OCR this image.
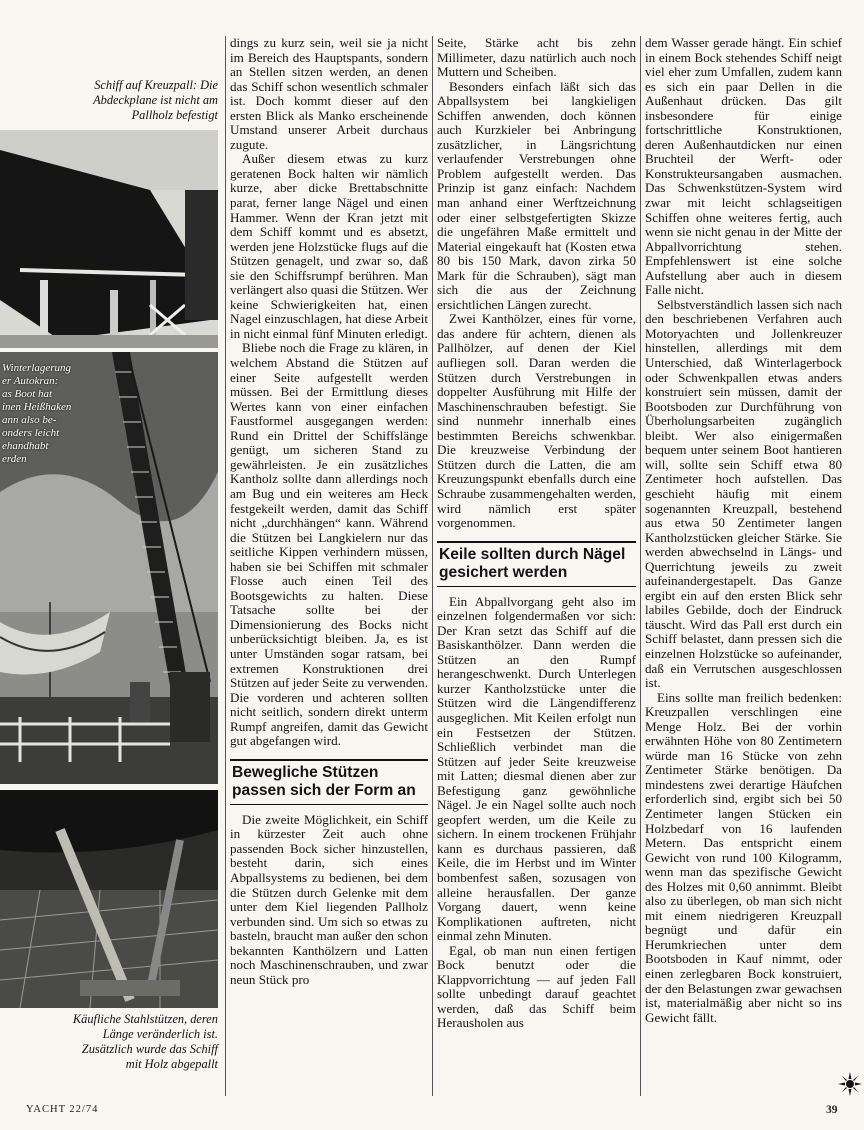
Schiff auf Kreuzpall: Die

Abdeckplane ist nicht am

Pallholz befestigt

Winterlagerung

er Autokran:

as Boot hat

inen Heißhaken

ann also be-

onders leicht

ehandhabt

erden

Käufliche Stahlstützen, deren

Länge veränderlich ist.

Zusätzlich wurde das Schiff

mit Holz abgepallt

dings zu kurz sein, weil sie ja nicht im Bereich des Hauptspants, sondern an Stellen sitzen werden, an denen das Schiff schon wesentlich schmaler ist. Doch kommt dieser auf den ersten Blick als Manko erscheinende Umstand unserer Arbeit durchaus zugute.

Außer diesem etwas zu kurz geratenen Bock halten wir nämlich kurze, aber dicke Brettabschnitte parat, ferner lange Nägel und einen Hammer. Wenn der Kran jetzt mit dem Schiff kommt und es absetzt, werden jene Holzstücke flugs auf die Stützen genagelt, und zwar so, daß sie den Schiffsrumpf berühren. Man verlängert also quasi die Stützen. Wer keine Schwierigkeiten hat, einen Nagel einzuschlagen, hat diese Arbeit in nicht einmal fünf Minuten erledigt.

Bliebe noch die Frage zu klären, in welchem Abstand die Stützen auf einer Seite aufgestellt werden müssen. Bei der Ermittlung dieses Wertes kann von einer einfachen Faustformel ausgegangen werden: Rund ein Drittel der Schiffslänge genügt, um sicheren Stand zu gewährleisten. Je ein zusätzliches Kantholz sollte dann allerdings noch am Bug und ein weiteres am Heck festgekeilt werden, damit das Schiff nicht „durchhängen“ kann. Während die Stützen bei Langkielern nur das seitliche Kippen verhindern müssen, haben sie bei Schiffen mit schmaler Flosse auch einen Teil des Bootsgewichts zu halten. Diese Tatsache sollte bei der Dimensionierung des Bocks nicht unberücksichtigt bleiben. Ja, es ist unter Umständen sogar ratsam, bei extremen Konstruktionen drei Stützen auf jeder Seite zu verwenden. Die vorderen und achteren sollten nicht seitlich, sondern direkt unterm Rumpf angreifen, damit das Gewicht gut abgefangen wird.

Bewegliche Stützen passen sich der Form an

Die zweite Möglichkeit, ein Schiff in kürzester Zeit auch ohne passenden Bock sicher hinzustellen, besteht darin, sich eines Abpallsystems zu bedienen, bei dem die Stützen durch Gelenke mit dem unter dem Kiel liegenden Pallholz verbunden sind. Um sich so etwas zu basteln, braucht man außer den schon bekannten Kanthölzern und Latten noch Maschinenschrauben, und zwar neun Stück pro

Seite, Stärke acht bis zehn Millimeter, dazu natürlich auch noch Muttern und Scheiben.

Besonders einfach läßt sich das Abpallsystem bei langkieligen Schiffen anwenden, doch können auch Kurzkieler bei Anbringung zusätzlicher, in Längsrichtung verlaufender Verstrebungen ohne Problem aufgestellt werden. Das Prinzip ist ganz einfach: Nachdem man anhand einer Werftzeichnung oder einer selbstgefertigten Skizze die ungefähren Maße ermittelt und Material eingekauft hat (Kosten etwa 80 bis 150 Mark, davon zirka 50 Mark für die Schrauben), sägt man sich die aus der Zeichnung ersichtlichen Längen zurecht.

Zwei Kanthölzer, eines für vorne, das andere für achtern, dienen als Pallhölzer, auf denen der Kiel aufliegen soll. Daran werden die Stützen durch Verstrebungen in doppelter Ausführung mit Hilfe der Maschinenschrauben befestigt. Sie sind nunmehr innerhalb eines bestimmten Bereichs schwenkbar. Die kreuzweise Verbindung der Stützen durch die Latten, die am Kreuzungspunkt ebenfalls durch eine Schraube zusammengehalten werden, wird nämlich erst später vorgenommen.

Keile sollten durch Nägel gesichert werden

Ein Abpallvorgang geht also im einzelnen folgendermaßen vor sich: Der Kran setzt das Schiff auf die Basiskanthölzer. Dann werden die Stützen an den Rumpf herangeschwenkt. Durch Unterlegen kurzer Kantholzstücke unter die Stützen wird die Längendifferenz ausgeglichen. Mit Keilen erfolgt nun ein Festsetzen der Stützen. Schließlich verbindet man die Stützen auf jeder Seite kreuzweise mit Latten; diesmal dienen aber zur Befestigung ganz gewöhnliche Nägel. Je ein Nagel sollte auch noch geopfert werden, um die Keile zu sichern. In einem trockenen Frühjahr kann es durchaus passieren, daß Keile, die im Herbst und im Winter bombenfest saßen, sozusagen von alleine herausfallen. Der ganze Vorgang dauert, wenn keine Komplikationen auftreten, nicht einmal zehn Minuten.

Egal, ob man nun einen fertigen Bock benutzt oder die Klappvorrichtung — auf jeden Fall sollte unbedingt darauf geachtet werden, daß das Schiff beim Herausholen aus

dem Wasser gerade hängt. Ein schief in einem Bock stehendes Schiff neigt viel eher zum Umfallen, zudem kann es sich ein paar Dellen in die Außenhaut drücken. Das gilt insbesondere für einige fortschrittliche Konstruktionen, deren Außenhautdicken nur einen Bruchteil der Werft- oder Konstrukteursangaben ausmachen. Das Schwenkstützen-System wird zwar mit leicht schlagseitigen Schiffen ohne weiteres fertig, auch wenn sie nicht genau in der Mitte der Abpallvorrichtung stehen. Empfehlenswert ist eine solche Aufstellung aber auch in diesem Falle nicht.

Selbstverständlich lassen sich nach den beschriebenen Verfahren auch Motoryachten und Jollenkreuzer hinstellen, allerdings mit dem Unterschied, daß Winterlagerbock oder Schwenkpallen etwas anders konstruiert sein müssen, damit der Bootsboden zur Durchführung von Überholungsarbeiten zugänglich bleibt. Wer also einigermaßen bequem unter seinem Boot hantieren will, sollte sein Schiff etwa 80 Zentimeter hoch aufstellen. Das geschieht häufig mit einem sogenannten Kreuzpall, bestehend aus etwa 50 Zentimeter langen Kantholzstücken gleicher Stärke. Sie werden abwechselnd in Längs- und Querrichtung jeweils zu zweit aufeinandergestapelt. Das Ganze ergibt ein auf den ersten Blick sehr labiles Gebilde, doch der Eindruck täuscht. Wird das Pall erst durch ein Schiff belastet, dann pressen sich die einzelnen Holzstücke so aufeinander, daß ein Verrutschen ausgeschlossen ist.

Eins sollte man freilich bedenken: Kreuzpallen verschlingen eine Menge Holz. Bei der vorhin erwähnten Höhe von 80 Zentimetern würde man 16 Stücke von zehn Zentimeter Stärke benötigen. Da mindestens zwei derartige Häufchen erforderlich sind, ergibt sich bei 50 Zentimeter langen Stücken ein Holzbedarf von 16 laufenden Metern. Das entspricht einem Gewicht von rund 100 Kilogramm, wenn man das spezifische Gewicht des Holzes mit 0,60 annimmt. Bleibt also zu überlegen, ob man sich nicht mit einem niedrigeren Kreuzpall begnügt und dafür ein Herumkriechen unter dem Bootsboden in Kauf nimmt, oder einen zerlegbaren Bock konstruiert, der den Belastungen zwar gewachsen ist, materialmäßig aber nicht so ins Gewicht fällt.

YACHT 22/74	39
